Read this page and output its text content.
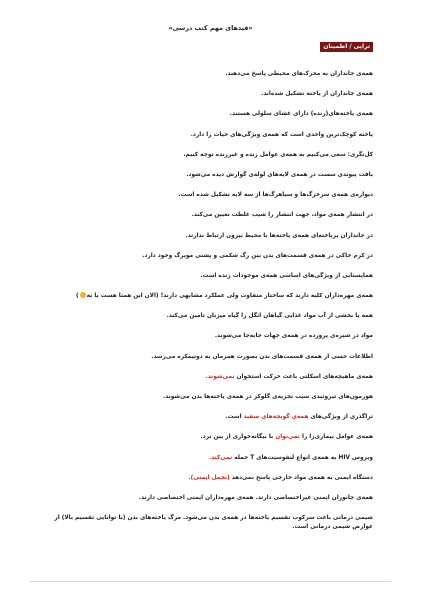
«قیدهای مهم کتب درسی»
تراپی / اطمینان
همه‌ی جانداران به محرک‌های محیطی پاسخ می‌دهند.
همه‌ی جانداران از یاخته تشکیل شده‌اند.
همه‌ی یاخته‌های(زنده) دارای غشای سلولی هستند.
یاخته کوچک‌ترین واحدی است که همه‌ی ویژگی‌های حیات را دارد.
کل‌نگری: سعی می‌کنیم به همه‌ی عوامل زنده و غیرزنده توجه کنیم.
بافت پیوندی سست در همه‌ی لایه‌های لوله‌ی گوارش دیده می‌شود.
دیواره‌ی همه‌ی سرخرگ‌ها و سیاهرگ‌ها از سه لایه تشکیل شده است.
در انتشار همه‌ی مواد، جهت انتشار را شیب غلظت تعیین می‌کند.
در جانداران پریاخته‌ای همه‌ی یاخته‌ها با محیط بیرون ارتباط ندارند.
در کرم خاکی در همه‌ی قسمت‌های بدن بین رگ شکمی و پشتی مویرگ وجود دارد.
همایستایی از ویژگی‌های اساسی همه‌ی موجودات زنده است.
همه‌ی مهره‌داران کلیه دارند که ساختار متفاوت ولی عملکرد مشابهی دارند! (الان این همتا هست یا نه)
همه یا بخشی از آب مواد غذایی گیاهان انگل را گیاه میزبان تامین می‌کند.
مواد در شیره‌ی پرورده در همه‌ی جهات جابه‌جا می‌شوند.
اطلاعات حسی از همه‌ی قسمت‌های بدن بصورت همزمان به دونیمکره می‌رسد.
همه‌ی ماهیچه‌های اسکلتی باعث حرکت استخوان نمی‌شوند.
هورمون‌های تیروئیدی سبب تجزیه‌ی گلوکز در همه‌ی یاخته‌ها بدن می‌شوند.
تراگذری از ویژگی‌های همه‌ی گویچه‌های سفید است.
همه‌ی عوامل بیماری‌زا را نمی‌توان با بیگانه‌خواری از بین برد.
ویروس HIV به همه‌ی انواع لنفوسیت‌های T حمله نمی‌کند.
دستگاه ایمنی به همه‌ی مواد خارجی پاسخ نمی‌دهد (تحمل ایمنی).
همه‌ی جانوران ایمنی غیراختصاصی دارند. همه‌ی مهره‌داران ایمنی اختصاصی دارند.
شیمی درمانی باعث سرکوب تقسیم یاخته‌ها در همه‌ی بدن می‌شود. مرگ یاخته‌های بدن (با توانایی تقسیم بالا) از عوارض شیمی درمانی است.
